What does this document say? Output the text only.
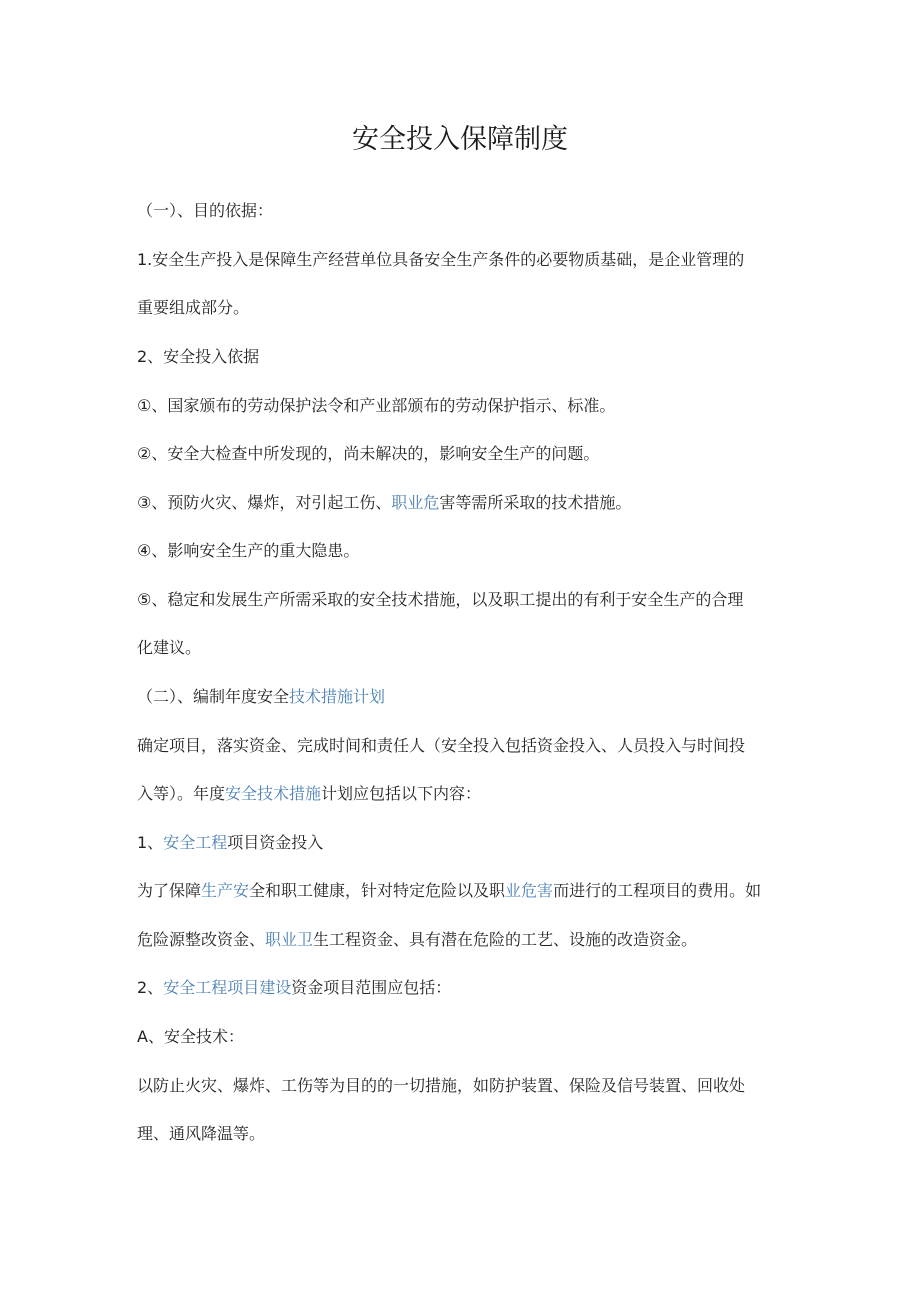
安全投入保障制度
（一）、目的依据：
1.安全生产投入是保障生产经营单位具备安全生产条件的必要物质基础，是企业管理的
重要组成部分。
2、安全投入依据
①、国家颁布的劳动保护法令和产业部颁布的劳动保护指示、标准。
②、安全大检查中所发现的，尚未解决的，影响安全生产的问题。
③、预防火灾、爆炸，对引起工伤、职业危害等需所采取的技术措施。
④、影响安全生产的重大隐患。
⑤、稳定和发展生产所需采取的安全技术措施，以及职工提出的有利于安全生产的合理
化建议。
（二）、编制年度安全技术措施计划
确定项目，落实资金、完成时间和责任人（安全投入包括资金投入、人员投入与时间投
入等）。年度安全技术措施计划应包括以下内容：
1、安全工程项目资金投入
为了保障生产安全和职工健康，针对特定危险以及职业危害而进行的工程项目的费用。如
危险源整改资金、职业卫生工程资金、具有潜在危险的工艺、设施的改造资金。
2、安全工程项目建设资金项目范围应包括：
A、安全技术：
以防止火灾、爆炸、工伤等为目的的一切措施，如防护装置、保险及信号装置、回收处
理、通风降温等。
